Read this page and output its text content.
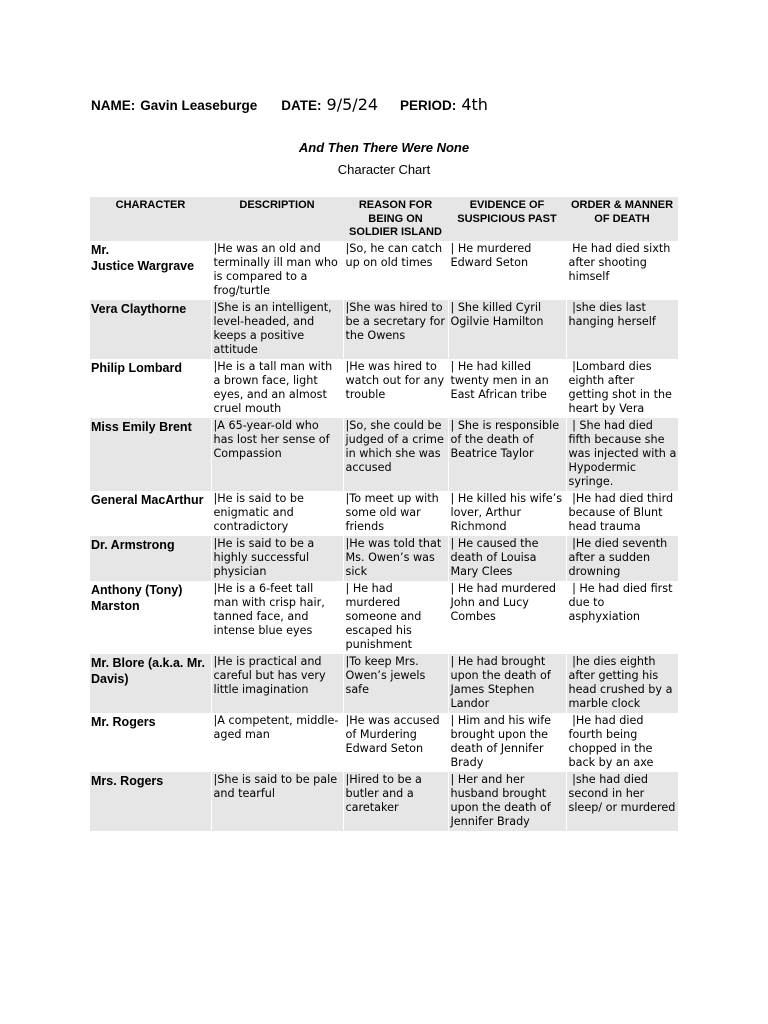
NAME: Gavin Leaseburge DATE: 9/5/24 PERIOD: 4th
And Then There Were None
Character Chart
CHARACTER	DESCRIPTION	REASON FOR BEING ON SOLDIER ISLAND	EVIDENCE OF SUSPICIOUS PAST	ORDER & MANNER OF DEATH
Mr.
Justice Wargrave	|He was an old and terminally ill man who is compared to a frog/turtle	|So, he can catch up on old times	| He murdered Edward Seton	He had died sixth after shooting himself
Vera Claythorne	|She is an intelligent, level-headed, and keeps a positive attitude	|She was hired to be a secretary for the Owens	| She killed Cyril Ogilvie Hamilton	|she dies last hanging herself
Philip Lombard	|He is a tall man with a brown face, light eyes, and an almost cruel mouth	|He was hired to watch out for any trouble	| He had killed twenty men in an East African tribe	|Lombard dies eighth after getting shot in the heart by Vera
Miss Emily Brent	|A 65-year-old who has lost her sense of Compassion	|So, she could be judged of a crime in which she was accused	| She is responsible of the death of Beatrice Taylor	| She had died fifth because she  was injected with a Hypodermic syringe.
General MacArthur	|He is said to be enigmatic and contradictory	|To meet up with some old war friends	| He killed his wife’s lover, Arthur Richmond	|He had died third because of Blunt head trauma
Dr. Armstrong	|He is said to be a highly successful physician	|He was told that Ms. Owen’s was sick	| He caused the death of Louisa Mary Clees	|He died seventh after a sudden drowning
Anthony (Tony) Marston	|He is a 6-feet tall man with crisp hair, tanned face, and intense blue eyes	| He had murdered someone and escaped his punishment	| He had murdered John and Lucy Combes	| He had died first due to asphyxiation
Mr. Blore (a.k.a. Mr. Davis)	|He is practical and careful but has very little imagination	|To keep Mrs. Owen’s jewels safe	| He had brought upon the death of James Stephen Landor	|he dies eighth after getting his head crushed by a marble clock
Mr. Rogers	|A competent, middle-aged man	|He was accused of Murdering Edward Seton	| Him and his wife brought upon the death of Jennifer Brady	|He had died fourth being chopped in the back by an axe
Mrs. Rogers	|She is said to be pale and tearful	|Hired to be a butler and a caretaker	| Her and her husband brought upon the death of Jennifer Brady	|she had died second in her sleep/ or murdered
